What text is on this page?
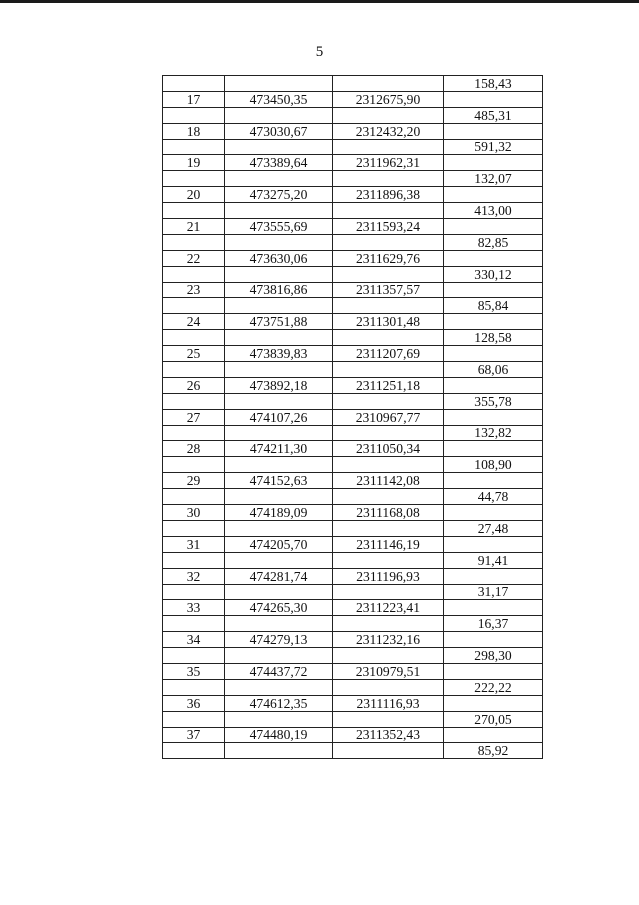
5
			158,43
17	473450,35	2312675,90	
			485,31
18	473030,67	2312432,20	
			591,32
19	473389,64	2311962,31	
			132,07
20	473275,20	2311896,38	
			413,00
21	473555,69	2311593,24	
			82,85
22	473630,06	2311629,76	
			330,12
23	473816,86	2311357,57	
			85,84
24	473751,88	2311301,48	
			128,58
25	473839,83	2311207,69	
			68,06
26	473892,18	2311251,18	
			355,78
27	474107,26	2310967,77	
			132,82
28	474211,30	2311050,34	
			108,90
29	474152,63	2311142,08	
			44,78
30	474189,09	2311168,08	
			27,48
31	474205,70	2311146,19	
			91,41
32	474281,74	2311196,93	
			31,17
33	474265,30	2311223,41	
			16,37
34	474279,13	2311232,16	
			298,30
35	474437,72	2310979,51	
			222,22
36	474612,35	2311116,93	
			270,05
37	474480,19	2311352,43	
			85,92
